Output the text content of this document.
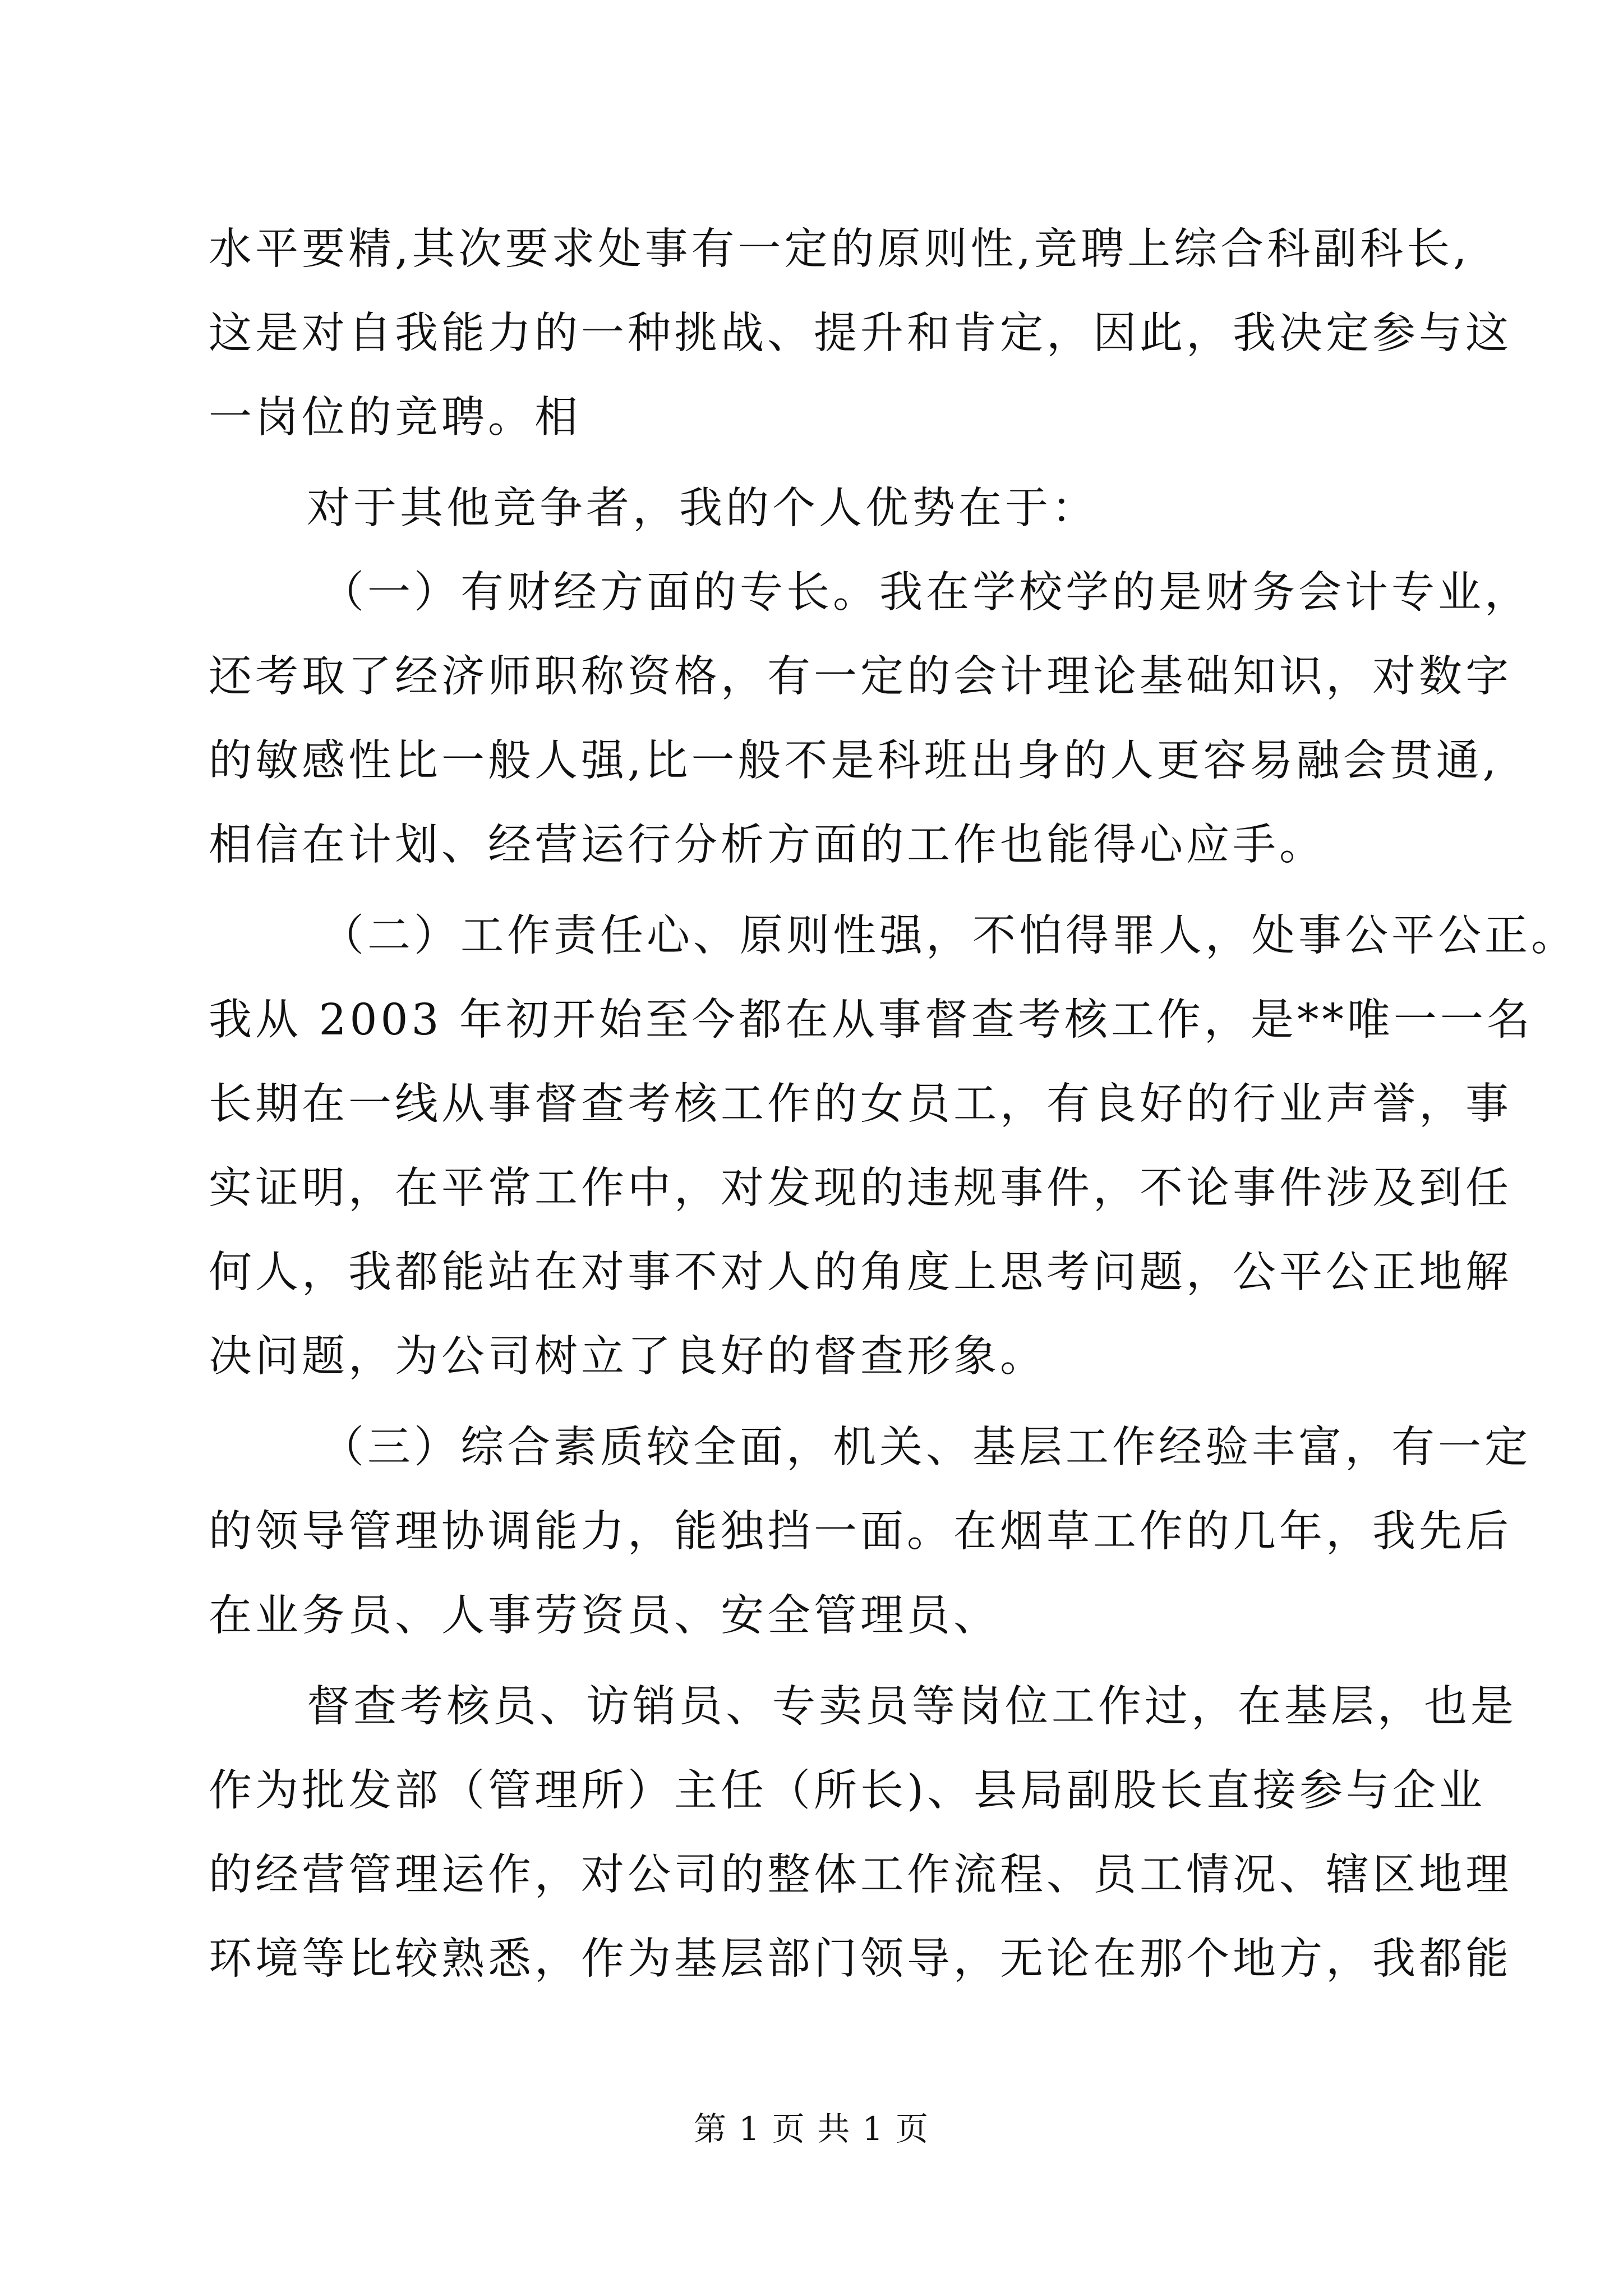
水平要精,其次要求处事有一定的原则性,竞聘上综合科副科长,
这是对自我能力的一种挑战、提升和肯定，因此，我决定参与这
一岗位的竞聘。相
对于其他竞争者，我的个人优势在于：
（一）有财经方面的专长。我在学校学的是财务会计专业，
还考取了经济师职称资格，有一定的会计理论基础知识，对数字
的敏感性比一般人强,比一般不是科班出身的人更容易融会贯通,
相信在计划、经营运行分析方面的工作也能得心应手。
（二）工作责任心、原则性强，不怕得罪人，处事公平公正。
我从 2003 年初开始至今都在从事督查考核工作，是**唯一一名
长期在一线从事督查考核工作的女员工，有良好的行业声誉，事
实证明，在平常工作中，对发现的违规事件，不论事件涉及到任
何人，我都能站在对事不对人的角度上思考问题，公平公正地解
决问题，为公司树立了良好的督查形象。
（三）综合素质较全面，机关、基层工作经验丰富，有一定
的领导管理协调能力，能独挡一面。在烟草工作的几年，我先后
在业务员、人事劳资员、安全管理员、
督查考核员、访销员、专卖员等岗位工作过，在基层，也是
作为批发部（管理所）主任（所长)、县局副股长直接参与企业
的经营管理运作，对公司的整体工作流程、员工情况、辖区地理
环境等比较熟悉，作为基层部门领导，无论在那个地方，我都能
第 1 页 共 1 页
